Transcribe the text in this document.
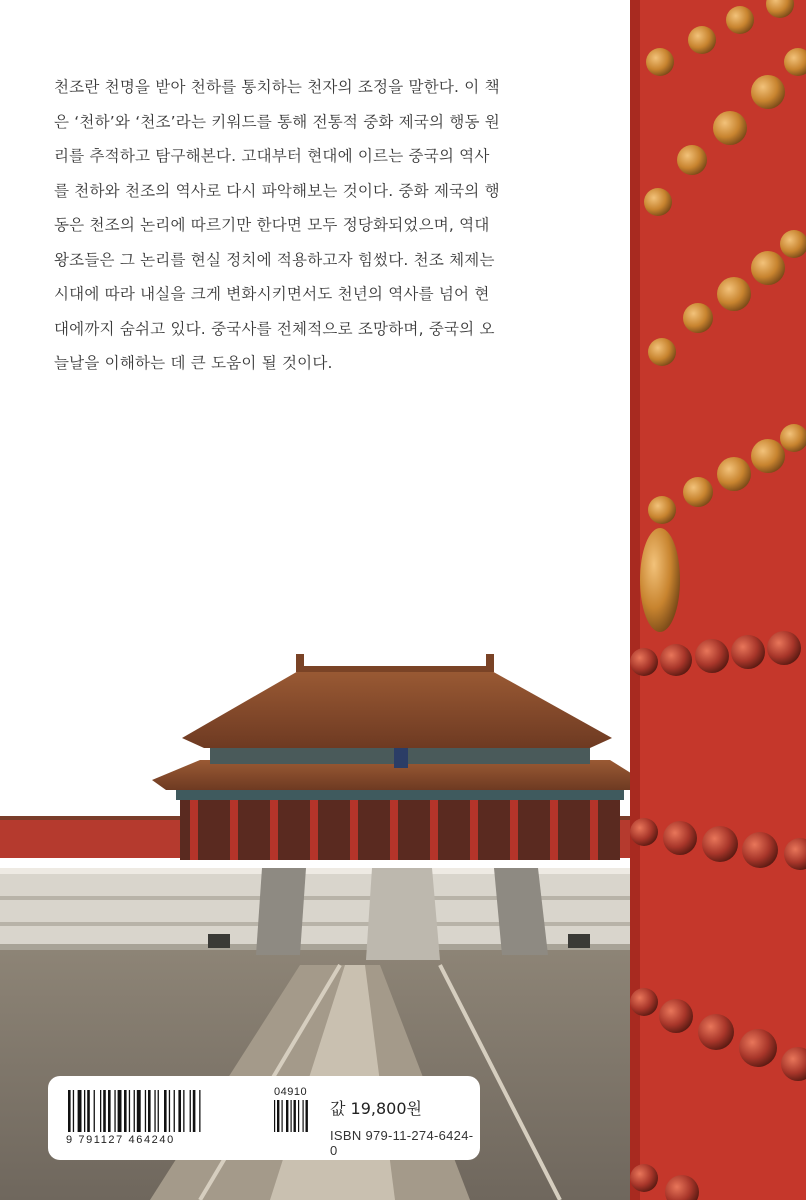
천조란 천명을 받아 천하를 통치하는 천자의 조정을 말한다. 이 책
은 ‘천하’와 ‘천조’라는 키워드를 통해 전통적 중화 제국의 행동 원
리를 추적하고 탐구해본다. 고대부터 현대에 이르는 중국의 역사
를 천하와 천조의 역사로 다시 파악해보는 것이다. 중화 제국의 행
동은 천조의 논리에 따르기만 한다면 모두 정당화되었으며, 역대
왕조들은 그 논리를 현실 정치에 적용하고자 힘썼다. 천조 체제는
시대에 따라 내실을 크게 변화시키면서도 천년의 역사를 넘어 현
대에까지 숨쉬고 있다. 중국사를 전체적으로 조망하며, 중국의 오
늘날을 이해하는 데 큰 도움이 될 것이다.
04910
9 791127 464240
값 19,800원
ISBN 979-11-274-6424-0
